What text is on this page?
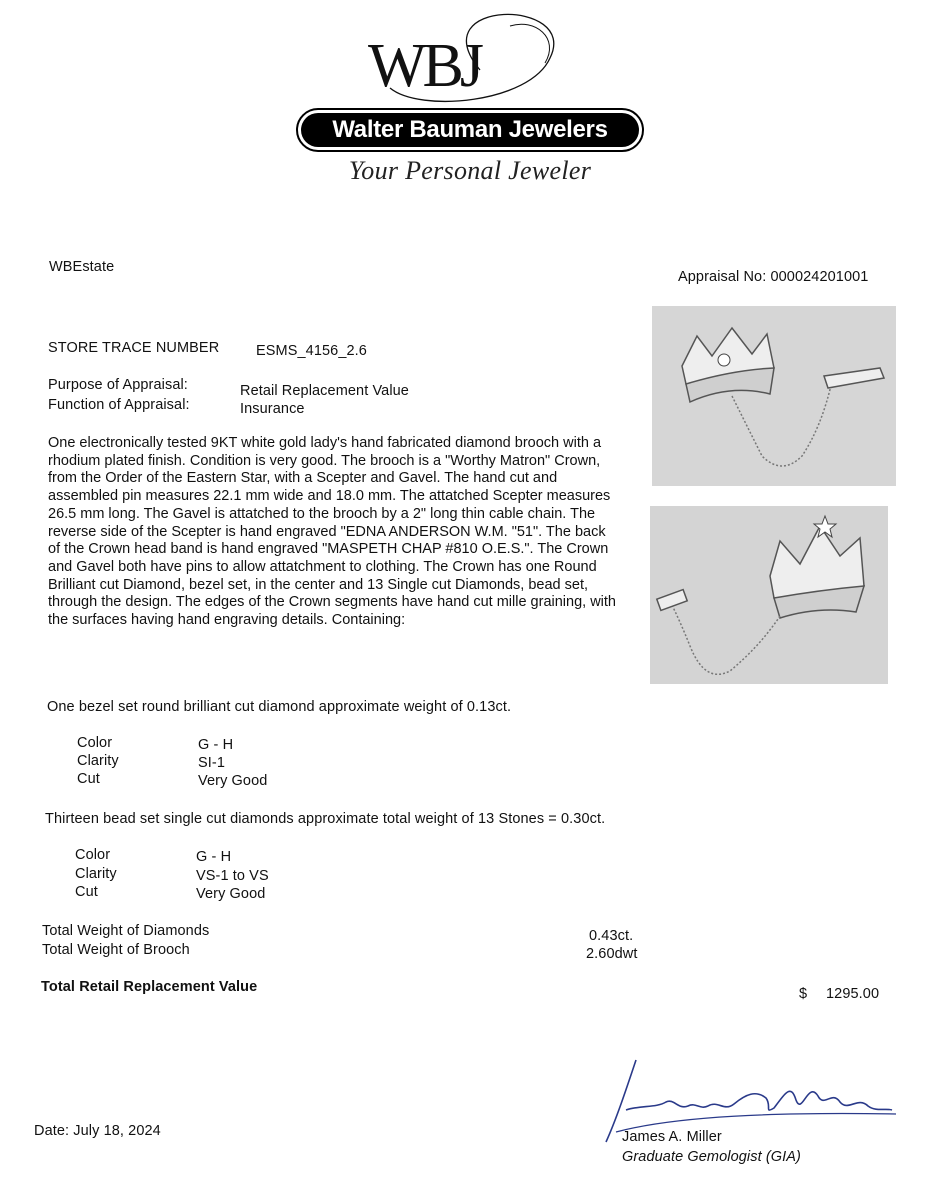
WBJ
Walter Bauman Jewelers
Your Personal Jeweler
WBEstate
Appraisal No: 000024201001
STORE TRACE NUMBER	ESMS_4156_2.6
Purpose of Appraisal:	Retail Replacement Value
Function of Appraisal:	Insurance
One electronically tested 9KT white gold lady's hand fabricated diamond brooch with a rhodium plated finish. Condition is very good. The brooch is a "Worthy Matron" Crown, from the Order of the Eastern Star, with a Scepter and Gavel. The hand cut and assembled pin measures 22.1 mm wide and 18.0 mm. The attatched Scepter measures 26.5 mm long. The Gavel is attatched to the brooch by a 2" long thin cable chain. The reverse side of the Scepter is hand engraved "EDNA ANDERSON W.M. "51". The back of the Crown head band is hand engraved "MASPETH CHAP #810 O.E.S.". The Crown and Gavel both have pins to allow attatchment to clothing. The Crown has one Round Brilliant cut Diamond, bezel set, in the center and 13 Single cut Diamonds, bead set, through the design. The edges of the Crown segments have hand cut mille graining, with the surfaces having hand engraving details. Containing:
One bezel set round brilliant cut diamond approximate weight of 0.13ct.
Color	G - H
Clarity	SI-1
Cut	Very Good
Thirteen bead set single cut diamonds approximate total weight of 13 Stones = 0.30ct.
Color	G - H
Clarity	VS-1 to VS
Cut	Very Good
Total Weight of Diamonds	0.43ct.
Total Weight of Brooch	2.60dwt
Total Retail Replacement Value	$ 1295.00
James A. Miller
Graduate Gemologist (GIA)
Date: July 18, 2024
